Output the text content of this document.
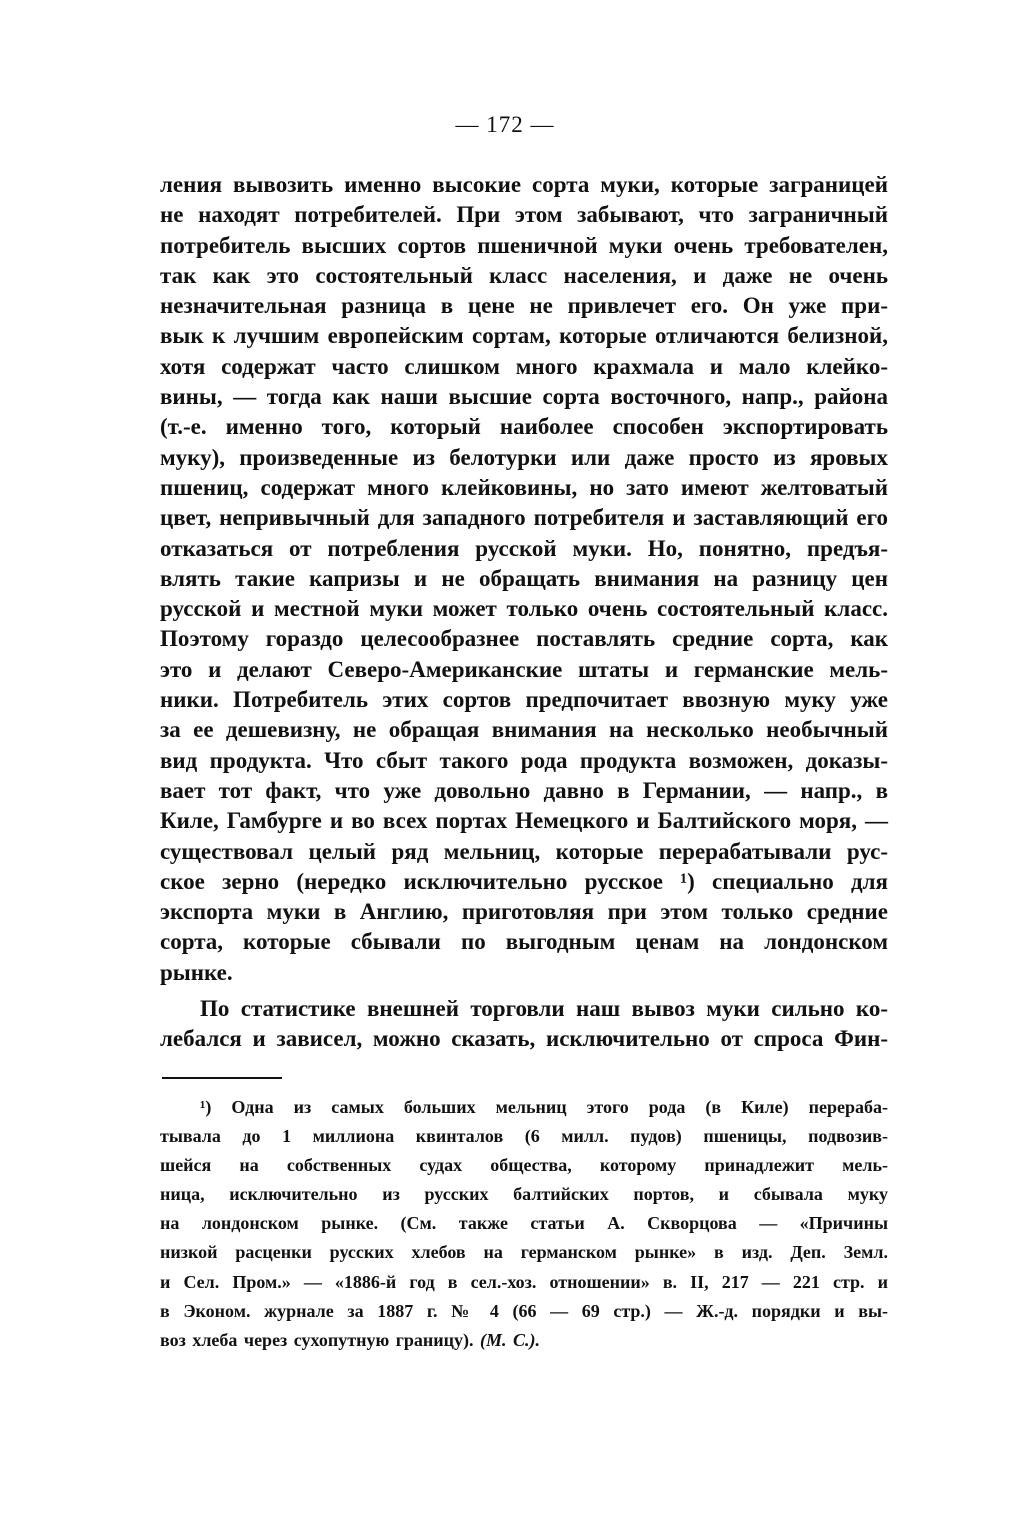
— 172 —
ления вывозить именно высокие сорта муки, которые заграницей
не находят потребителей. При этом забывают, что заграничный
потребитель высших сортов пшеничной муки очень требователен,
так как это состоятельный класс населения, и даже не очень
незначительная разница в цене не привлечет его. Он уже при-
вык к лучшим европейским сортам, которые отличаются белизной,
хотя содержат часто слишком много крахмала и мало клейко-
вины, — тогда как наши высшие сорта восточного, напр., района
(т.-е. именно того, который наиболее способен экспортировать
муку), произведенные из белотурки или даже просто из яровых
пшениц, содержат много клейковины, но зато имеют желтоватый
цвет, непривычный для западного потребителя и заставляющий его
отказаться от потребления русской муки. Но, понятно, предъя-
влять такие капризы и не обращать внимания на разницу цен
русской и местной муки может только очень состоятельный класс.
Поэтому гораздо целесообразнее поставлять средние сорта, как
это и делают Северо-Американские штаты и германские мель-
ники. Потребитель этих сортов предпочитает ввозную муку уже
за ее дешевизну, не обращая внимания на несколько необычный
вид продукта. Что сбыт такого рода продукта возможен, доказы-
вает тот факт, что уже довольно давно в Германии, — напр., в
Киле, Гамбурге и во всех портах Немецкого и Балтийского моря, —
существовал целый ряд мельниц, которые перерабатывали рус-
ское зерно (нередко исключительно русское ¹) специально для
экспорта муки в Англию, приготовляя при этом только средние
сорта, которые сбывали по выгодным ценам на лондонском
рынке.
По статистике внешней торговли наш вывоз муки сильно ко-
лебался и зависел, можно сказать, исключительно от спроса Фин-
¹) Одна из самых больших мельниц этого рода (в Киле) перераба-
тывала до 1 миллиона квинталов (6 милл. пудов) пшеницы, подвозив-
шейся на собственных судах общества, которому принадлежит мель-
ница, исключительно из русских балтийских портов, и сбывала муку
на лондонском рынке. (См. также статьи А. Скворцова — «Причины
низкой расценки русских хлебов на германском рынке» в изд. Деп. Земл.
и Сел. Пром.» — «1886-й год в сел.-хоз. отношении» в. II, 217 — 221 стр. и
в Эконом. журнале за 1887 г. № 4 (66 — 69 стр.) — Ж.-д. порядки и вы-
воз хлеба через сухопутную границу). (М. С.).
